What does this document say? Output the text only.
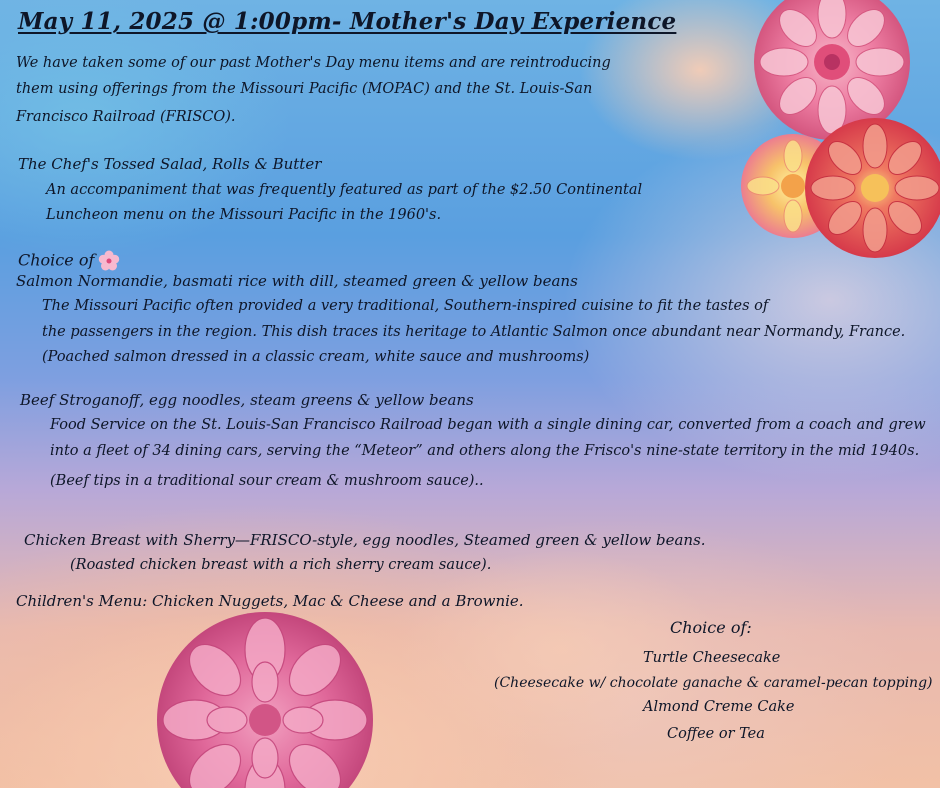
May 11, 2025 @ 1:00pm- Mother's Day Experience

We have taken some of our past Mother's Day menu items and are reintroducing

them using offerings from the Missouri Pacific (MOPAC) and the St. Louis-San

Francisco Railroad (FRISCO).

The Chef's Tossed Salad, Rolls & Butter

An accompaniment that was frequently featured as part of the $2.50 Continental

Luncheon menu on the Missouri Pacific in the 1960's.

Choice of

Salmon Normandie, basmati rice with dill, steamed green & yellow beans

The Missouri Pacific often provided a very traditional, Southern-inspired cuisine to fit the tastes of

the passengers in the region. This dish traces its heritage to Atlantic Salmon once abundant near Normandy, France.

(Poached salmon dressed in a classic cream, white sauce and mushrooms)

Beef Stroganoff, egg noodles, steam greens & yellow beans

Food Service on the St. Louis-San Francisco Railroad began with a single dining car, converted from a coach and grew

into a fleet of 34 dining cars, serving the “Meteor” and others along the Frisco's nine-state territory in the mid 1940s.

(Beef tips in a traditional sour cream & mushroom sauce)..

Chicken Breast with Sherry—FRISCO-style, egg noodles, Steamed green & yellow beans.

(Roasted chicken breast with a rich sherry cream sauce).

Children's Menu: Chicken Nuggets, Mac & Cheese and a Brownie.

Choice of:

Turtle Cheesecake

(Cheesecake w/ chocolate ganache & caramel-pecan topping)

Almond Creme Cake

Coffee or Tea
